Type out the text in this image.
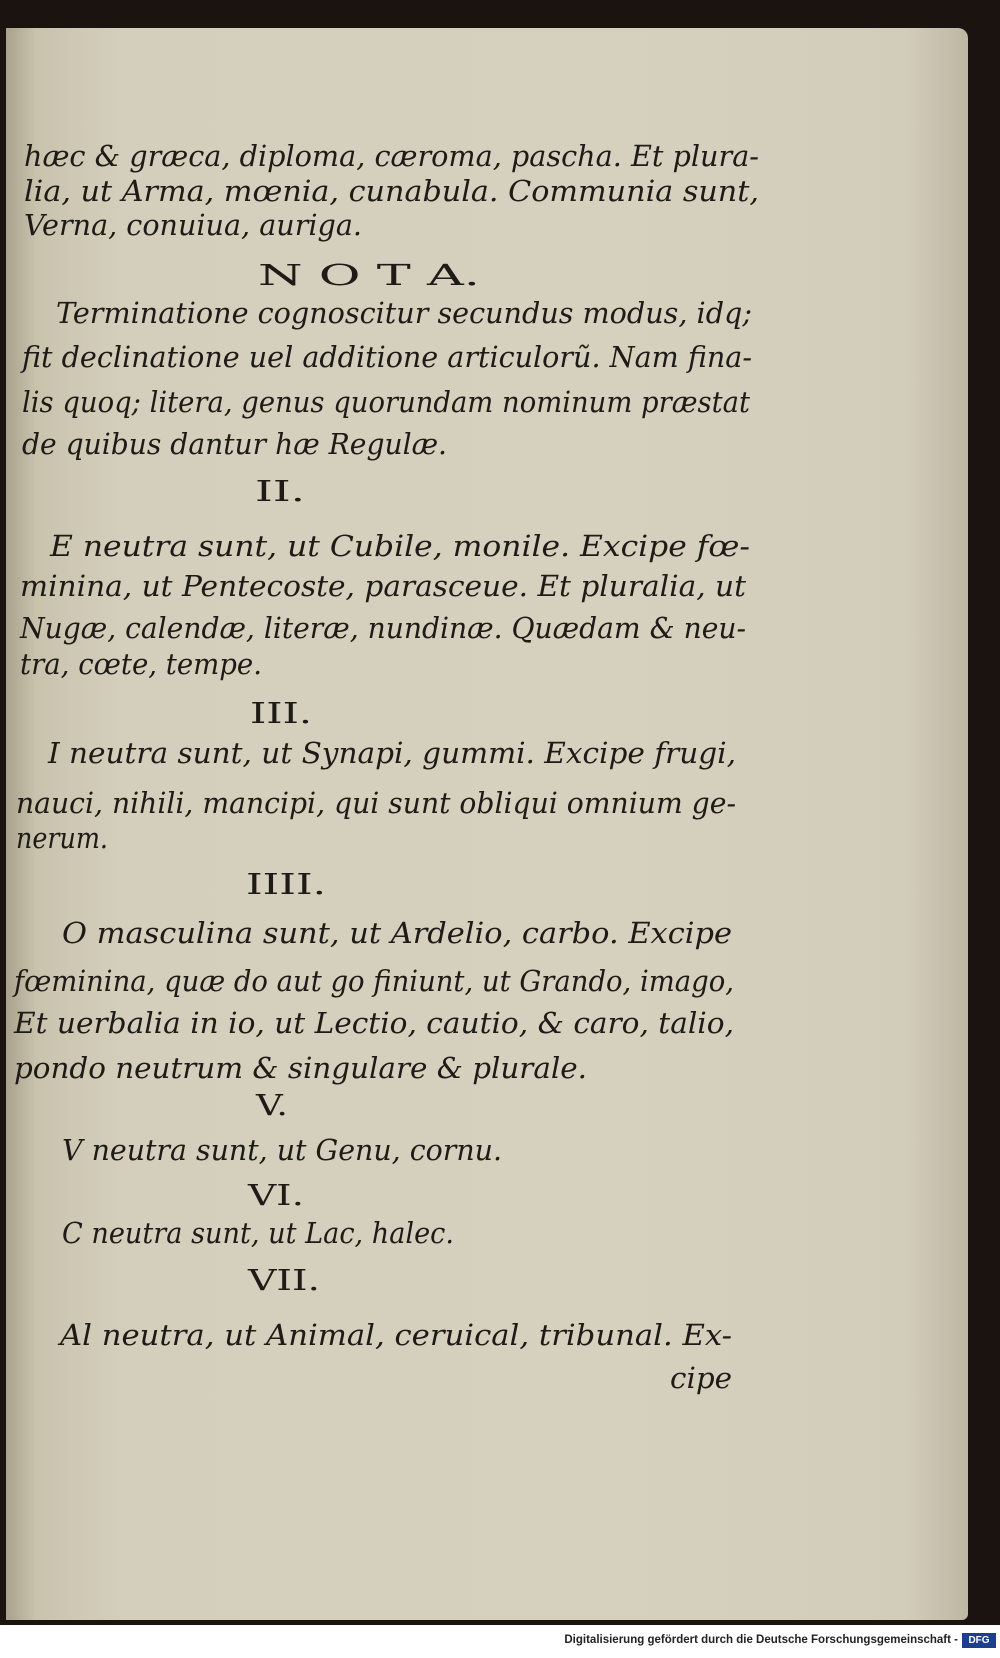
hæc & græca, diploma, cæroma, pascha. Et plura-
lia, ut Arma, mœnia, cunabula. Communia sunt,
Verna, conuiua, auriga.
N O T A.
Terminatione cognoscitur secundus modus, idq;
fit declinatione uel additione articulorũ. Nam fina-
lis quoq; litera, genus quorundam nominum præstat
de quibus dantur hæ Regulæ.
II.
E neutra sunt, ut Cubile, monile. Excipe fœ-
minina, ut Pentecoste, parasceue. Et pluralia, ut
Nugæ, calendæ, literæ, nundinæ. Quædam & neu-
tra, cœte, tempe.
III.
I neutra sunt, ut Synapi, gummi. Excipe frugi,
nauci, nihili, mancipi, qui sunt obliqui omnium ge-
nerum.
IIII.
O masculina sunt, ut Ardelio, carbo. Excipe
fœminina, quæ do aut go finiunt, ut Grando, imago,
Et uerbalia in io, ut Lectio, cautio, & caro, talio,
pondo neutrum & singulare & plurale.
V.
V neutra sunt, ut Genu, cornu.
VI.
C neutra sunt, ut Lac, halec.
VII.
Al neutra, ut Animal, ceruical, tribunal. Ex-
cipe
Digitalisierung gefördert durch die Deutsche Forschungsgemeinschaft -	DFG
